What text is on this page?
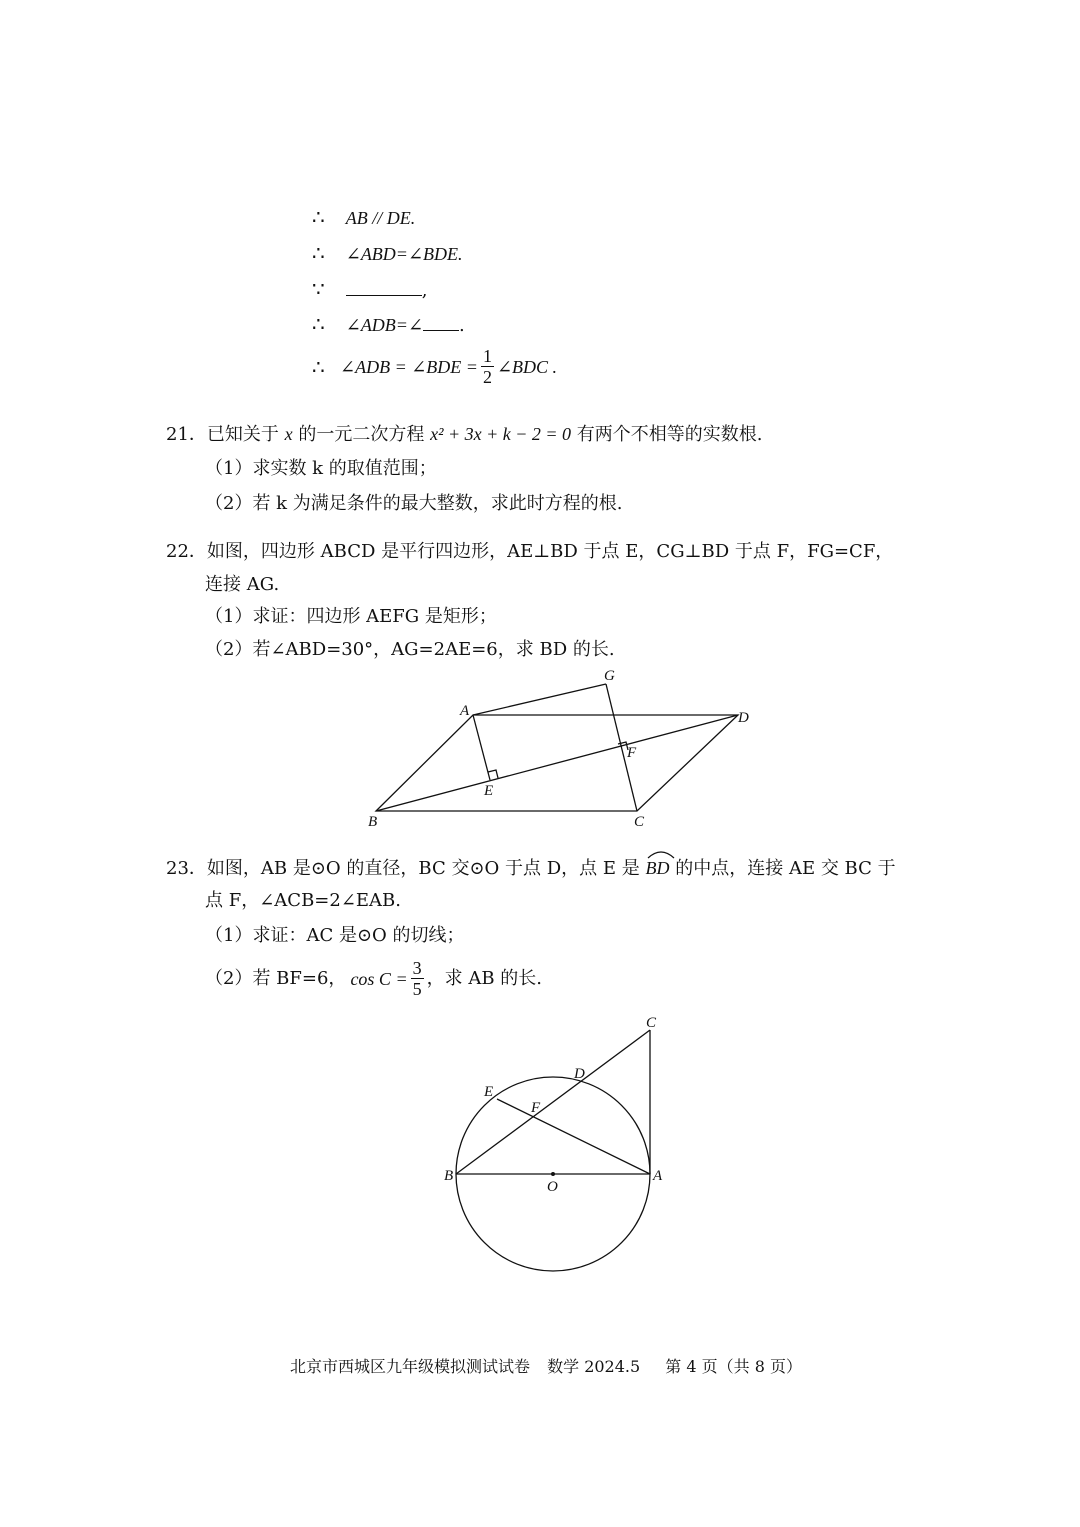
∴ AB // DE.
∴ ∠ABD=∠BDE.
∵	,
∴ ∠ADB=∠ .
∴ ∠ADB = ∠BDE = $\frac{1}{2}$ ∠BDC .
21．已知关于 x 的一元二次方程 x² + 3x + k − 2 = 0 有两个不相等的实数根.
（1）求实数 k 的取值范围；
（2）若 k 为满足条件的最大整数，求此时方程的根.
22．如图，四边形 ABCD 是平行四边形，AE⊥BD 于点 E，CG⊥BD 于点 F，FG=CF，
连接 AG.
（1）求证：四边形 AEFG 是矩形；
（2）若∠ABD=30°，AG=2AE=6，求 BD 的长.
A
G
D
F
E
B	C
23．如图，AB 是⊙O 的直径，BC 交⊙O 于点 D，点 E 是 BD 的中点，连接 AE 交 BC 于
点 F，∠ACB=2∠EAB.
（1）求证：AC 是⊙O 的切线；
（2）若 BF=6， $\cos C = \frac{3}{5}$ ，求 AB 的长.
C
D
E
F
B	A
O
北京市西城区九年级模拟测试试卷 数学 2024.5 第 4 页（共 8 页）
